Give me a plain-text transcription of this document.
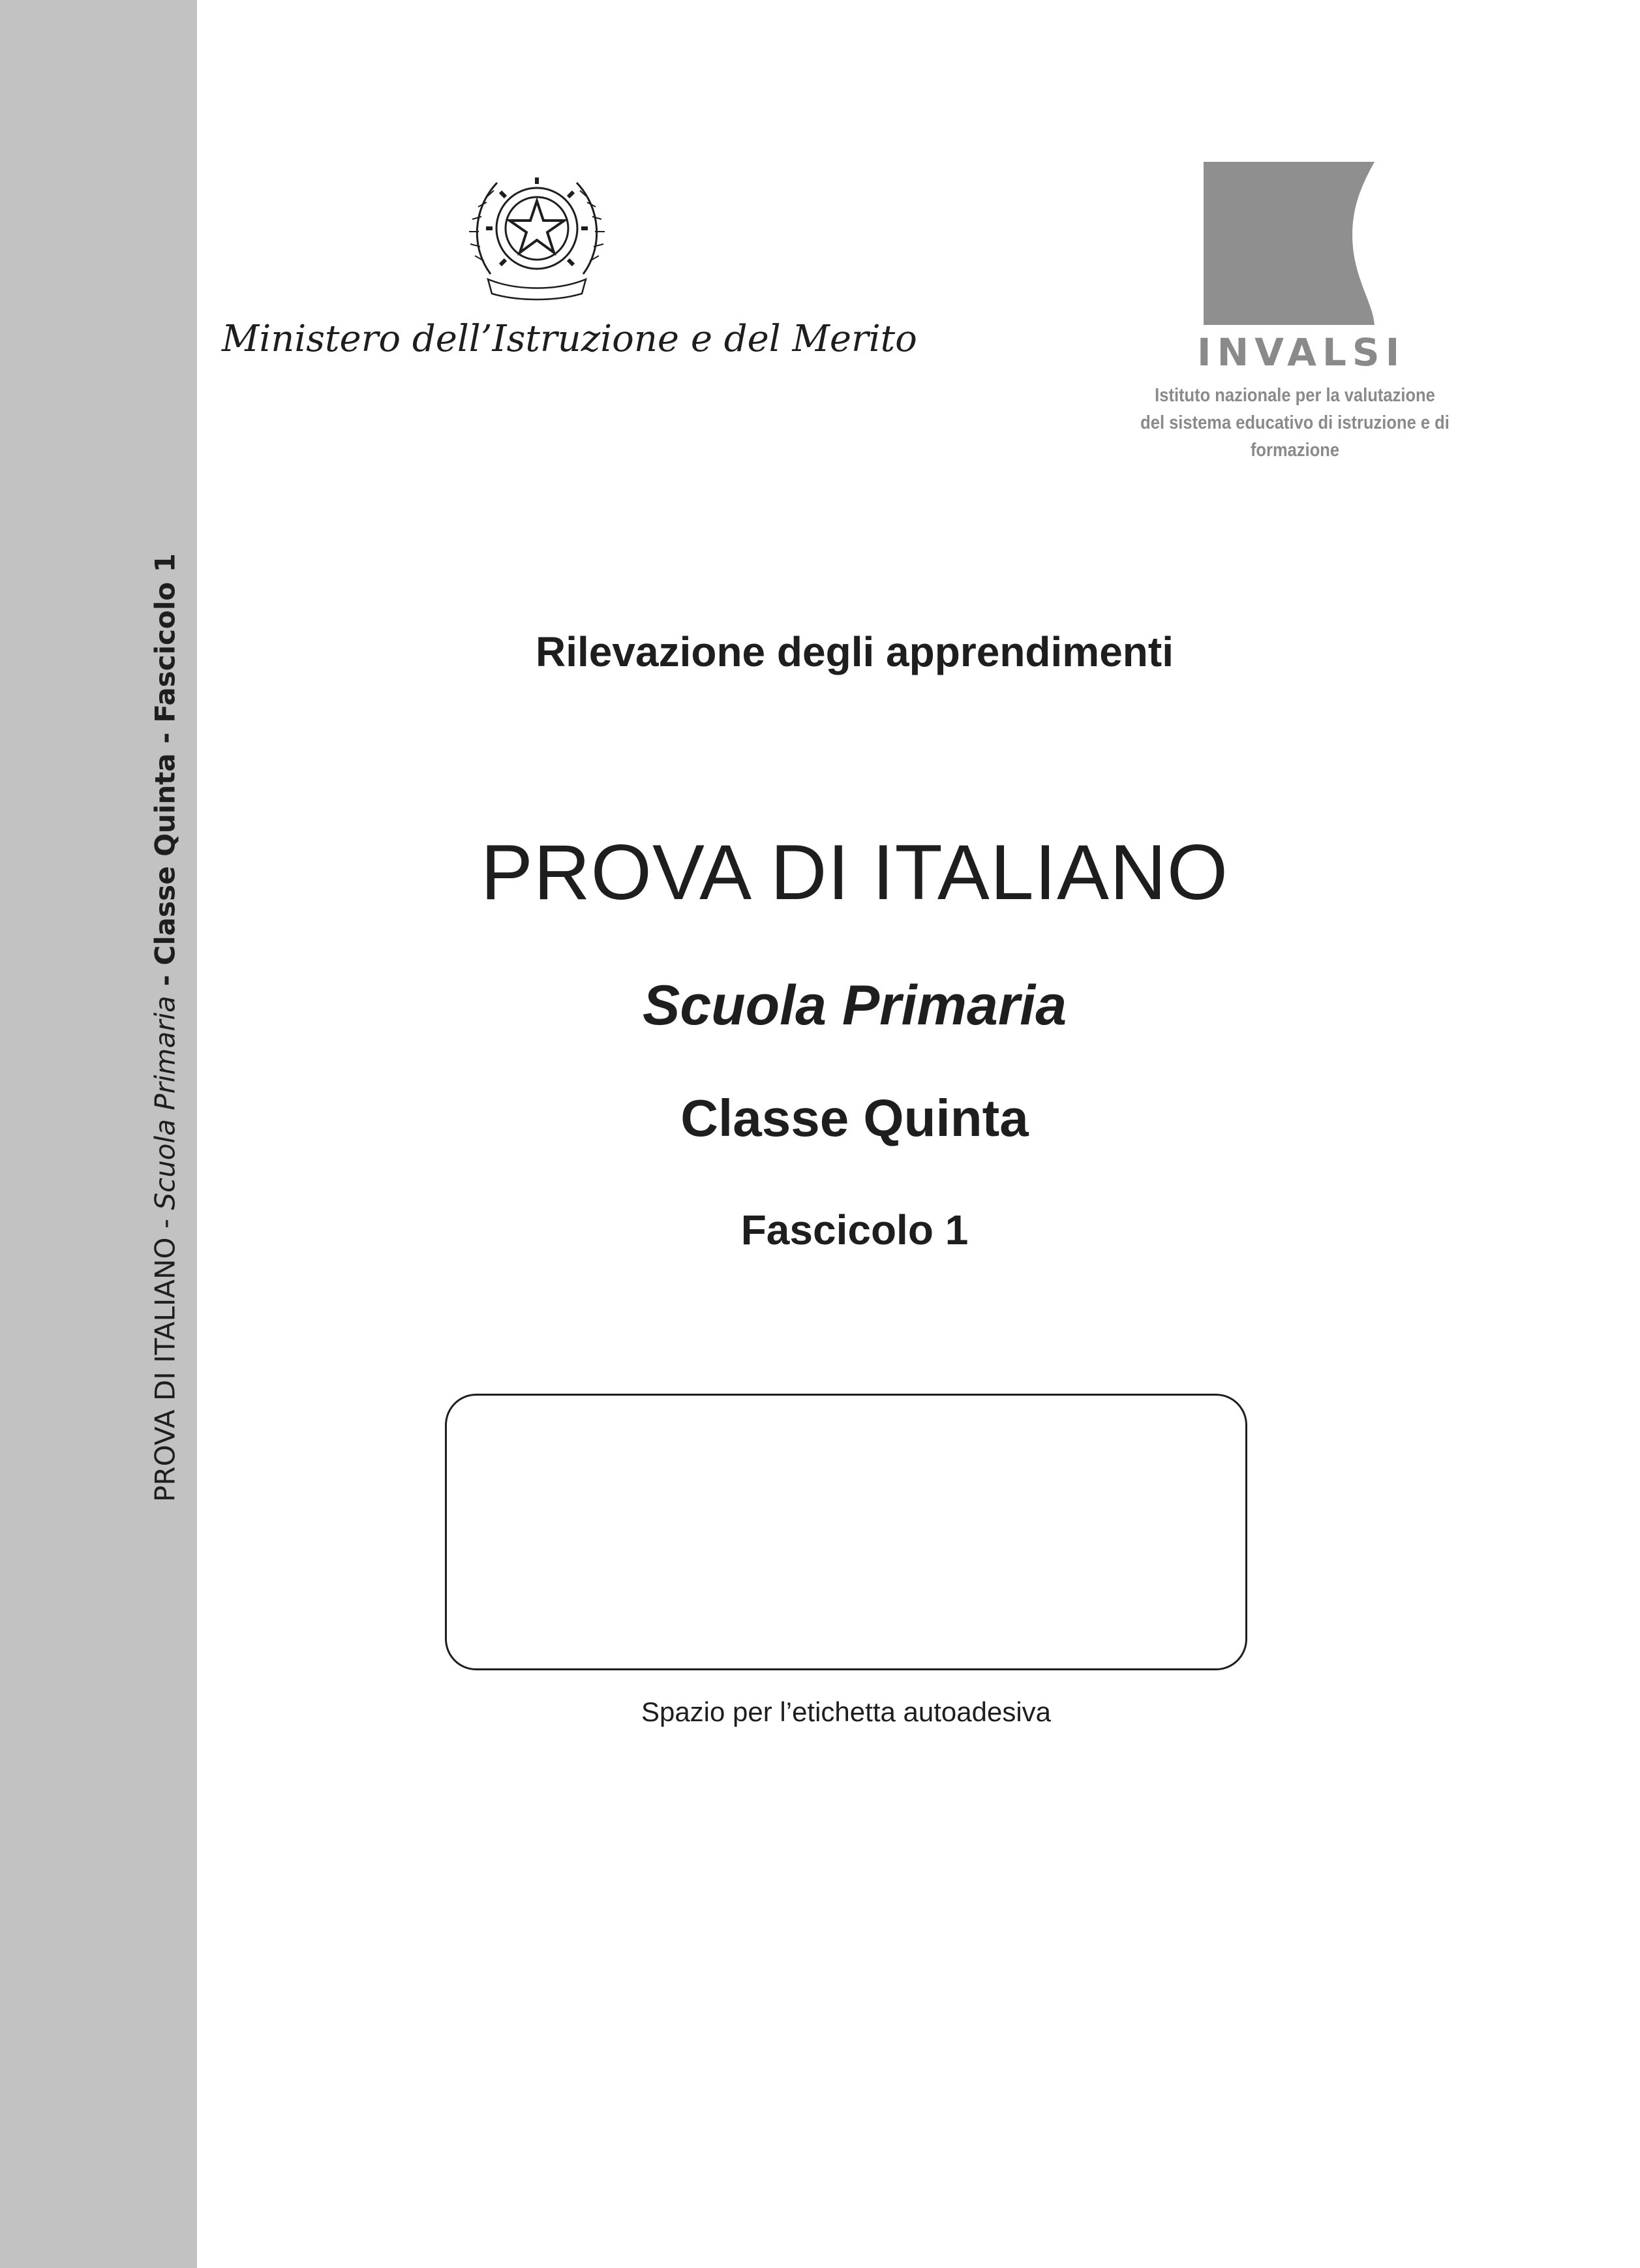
PROVA DI ITALIANO - Scuola Primaria - Classe Quinta - Fascicolo 1
Ministero dell’Istruzione e del Merito	INVALSI
Istituto nazionale per la valutazione
del sistema educativo di istruzione e di formazione
Rilevazione degli apprendimenti
PROVA DI ITALIANO
Scuola Primaria
Classe Quinta
Fascicolo 1
Spazio per l’etichetta autoadesiva
